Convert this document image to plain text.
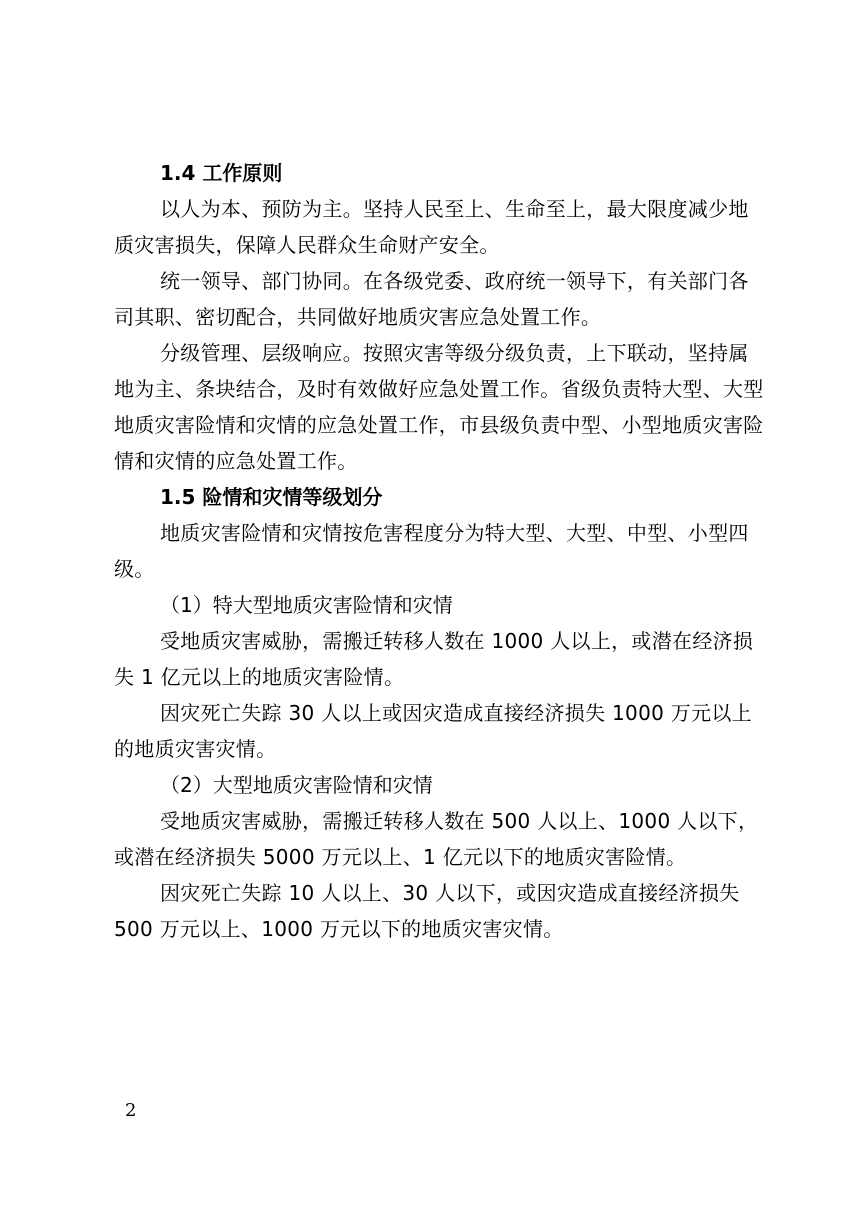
1.4 工作原则

以人为本、预防为主。坚持人民至上、生命至上，最大限度减少地质灾害损失，保障人民群众生命财产安全。

统一领导、部门协同。在各级党委、政府统一领导下，有关部门各司其职、密切配合，共同做好地质灾害应急处置工作。

分级管理、层级响应。按照灾害等级分级负责，上下联动，坚持属地为主、条块结合，及时有效做好应急处置工作。省级负责特大型、大型地质灾害险情和灾情的应急处置工作，市县级负责中型、小型地质灾害险情和灾情的应急处置工作。

1.5 险情和灾情等级划分

地质灾害险情和灾情按危害程度分为特大型、大型、中型、小型四级。

（1）特大型地质灾害险情和灾情

受地质灾害威胁，需搬迁转移人数在 1000 人以上，或潜在经济损失 1 亿元以上的地质灾害险情。

因灾死亡失踪 30 人以上或因灾造成直接经济损失 1000 万元以上的地质灾害灾情。

（2）大型地质灾害险情和灾情

受地质灾害威胁，需搬迁转移人数在 500 人以上、1000 人以下，或潜在经济损失 5000 万元以上、1 亿元以下的地质灾害险情。

因灾死亡失踪 10 人以上、30 人以下，或因灾造成直接经济损失 500 万元以上、1000 万元以下的地质灾害灾情。

2
